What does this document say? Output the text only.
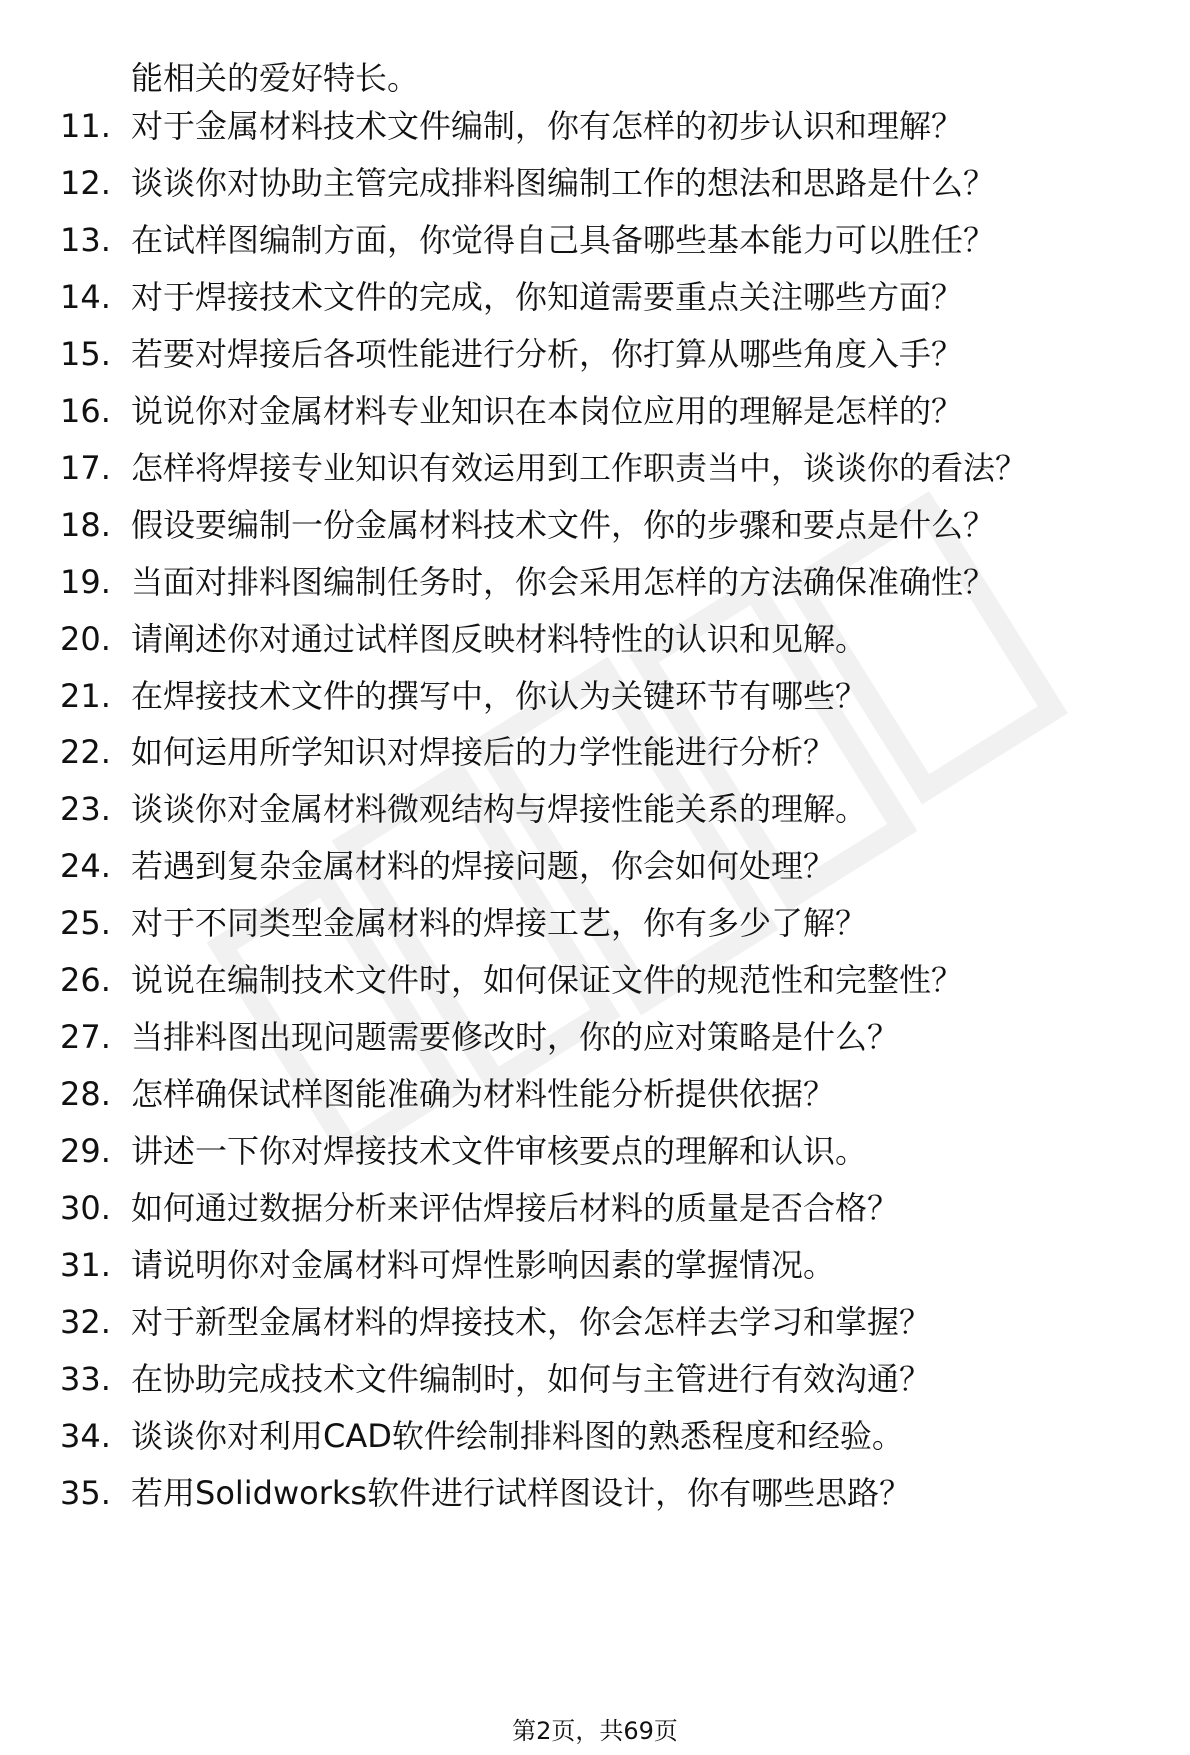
能相关的爱好特长。
11. 对于金属材料技术文件编制，你有怎样的初步认识和理解？
12. 谈谈你对协助主管完成排料图编制工作的想法和思路是什么？
13. 在试样图编制方面，你觉得自己具备哪些基本能力可以胜任？
14. 对于焊接技术文件的完成，你知道需要重点关注哪些方面？
15. 若要对焊接后各项性能进行分析，你打算从哪些角度入手？
16. 说说你对金属材料专业知识在本岗位应用的理解是怎样的？
17. 怎样将焊接专业知识有效运用到工作职责当中，谈谈你的看法？
18. 假设要编制一份金属材料技术文件，你的步骤和要点是什么？
19. 当面对排料图编制任务时，你会采用怎样的方法确保准确性？
20. 请阐述你对通过试样图反映材料特性的认识和见解。
21. 在焊接技术文件的撰写中，你认为关键环节有哪些？
22. 如何运用所学知识对焊接后的力学性能进行分析？
23. 谈谈你对金属材料微观结构与焊接性能关系的理解。
24. 若遇到复杂金属材料的焊接问题，你会如何处理？
25. 对于不同类型金属材料的焊接工艺，你有多少了解？
26. 说说在编制技术文件时，如何保证文件的规范性和完整性？
27. 当排料图出现问题需要修改时，你的应对策略是什么？
28. 怎样确保试样图能准确为材料性能分析提供依据？
29. 讲述一下你对焊接技术文件审核要点的理解和认识。
30. 如何通过数据分析来评估焊接后材料的质量是否合格？
31. 请说明你对金属材料可焊性影响因素的掌握情况。
32. 对于新型金属材料的焊接技术，你会怎样去学习和掌握？
33. 在协助完成技术文件编制时，如何与主管进行有效沟通？
34. 谈谈你对利用CAD软件绘制排料图的熟悉程度和经验。
35. 若用Solidworks软件进行试样图设计，你有哪些思路？
第2页，共69页
